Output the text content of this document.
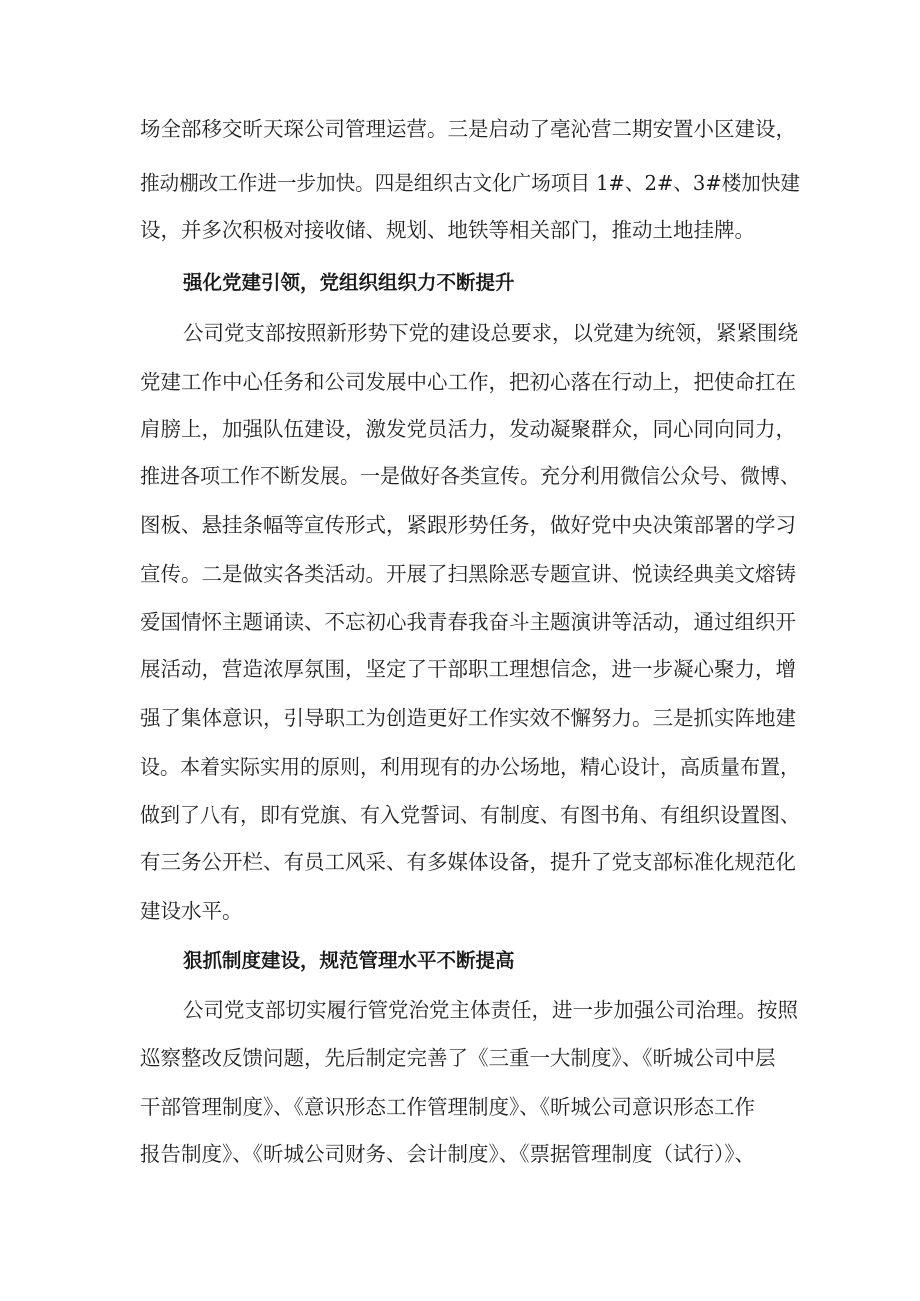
场全部移交昕天琛公司管理运营。三是启动了亳沁营二期安置小区建设，
推动棚改工作进一步加快。四是组织古文化广场项目 1#、2#、3#楼加快建
设，并多次积极对接收储、规划、地铁等相关部门，推动土地挂牌。
强化党建引领，党组织组织力不断提升
公司党支部按照新形势下党的建设总要求，以党建为统领，紧紧围绕
党建工作中心任务和公司发展中心工作，把初心落在行动上，把使命扛在
肩膀上，加强队伍建设，激发党员活力，发动凝聚群众，同心同向同力，
推进各项工作不断发展。一是做好各类宣传。充分利用微信公众号、微博、
图板、悬挂条幅等宣传形式，紧跟形势任务，做好党中央决策部署的学习
宣传。二是做实各类活动。开展了扫黑除恶专题宣讲、悦读经典美文熔铸
爱国情怀主题诵读、不忘初心我青春我奋斗主题演讲等活动，通过组织开
展活动，营造浓厚氛围，坚定了干部职工理想信念，进一步凝心聚力，增
强了集体意识，引导职工为创造更好工作实效不懈努力。三是抓实阵地建
设。本着实际实用的原则，利用现有的办公场地，精心设计，高质量布置，
做到了八有，即有党旗、有入党誓词、有制度、有图书角、有组织设置图、
有三务公开栏、有员工风采、有多媒体设备，提升了党支部标准化规范化
建设水平。
狠抓制度建设，规范管理水平不断提高
公司党支部切实履行管党治党主体责任，进一步加强公司治理。按照
巡察整改反馈问题，先后制定完善了《三重一大制度》、《昕城公司中层
干部管理制度》、《意识形态工作管理制度》、《昕城公司意识形态工作
报告制度》、《昕城公司财务、会计制度》、《票据管理制度（试行）》、
